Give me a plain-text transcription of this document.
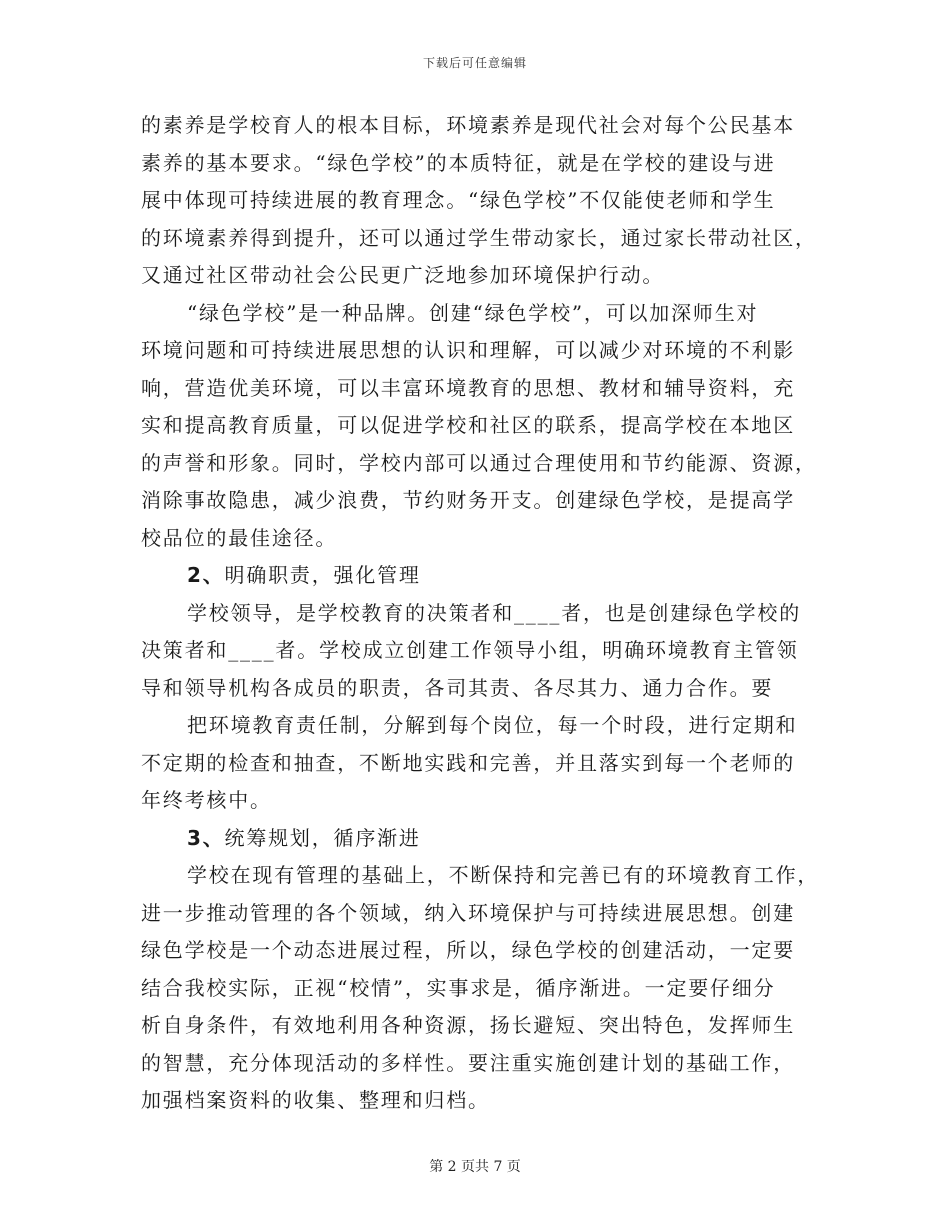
下载后可任意编辑
的素养是学校育人的根本目标，环境素养是现代社会对每个公民基本
素养的基本要求。“绿色学校”的本质特征，就是在学校的建设与进
展中体现可持续进展的教育理念。“绿色学校”不仅能使老师和学生
的环境素养得到提升，还可以通过学生带动家长，通过家长带动社区，
又通过社区带动社会公民更广泛地参加环境保护行动。
“绿色学校”是一种品牌。创建“绿色学校”，可以加深师生对
环境问题和可持续进展思想的认识和理解，可以减少对环境的不利影
响，营造优美环境，可以丰富环境教育的思想、教材和辅导资料，充
实和提高教育质量，可以促进学校和社区的联系，提高学校在本地区
的声誉和形象。同时，学校内部可以通过合理使用和节约能源、资源，
消除事故隐患，减少浪费，节约财务开支。创建绿色学校，是提高学
校品位的最佳途径。
2、明确职责，强化管理
学校领导，是学校教育的决策者和____者，也是创建绿色学校的
决策者和____者。学校成立创建工作领导小组，明确环境教育主管领
导和领导机构各成员的职责，各司其责、各尽其力、通力合作。要
把环境教育责任制，分解到每个岗位，每一个时段，进行定期和
不定期的检查和抽查，不断地实践和完善，并且落实到每一个老师的
年终考核中。
3、统筹规划，循序渐进
学校在现有管理的基础上，不断保持和完善已有的环境教育工作，
进一步推动管理的各个领域，纳入环境保护与可持续进展思想。创建
绿色学校是一个动态进展过程，所以，绿色学校的创建活动，一定要
结合我校实际，正视“校情”，实事求是，循序渐进。一定要仔细分
析自身条件，有效地利用各种资源，扬长避短、突出特色，发挥师生
的智慧，充分体现活动的多样性。要注重实施创建计划的基础工作，
加强档案资料的收集、整理和归档。
第 2 页共 7 页
